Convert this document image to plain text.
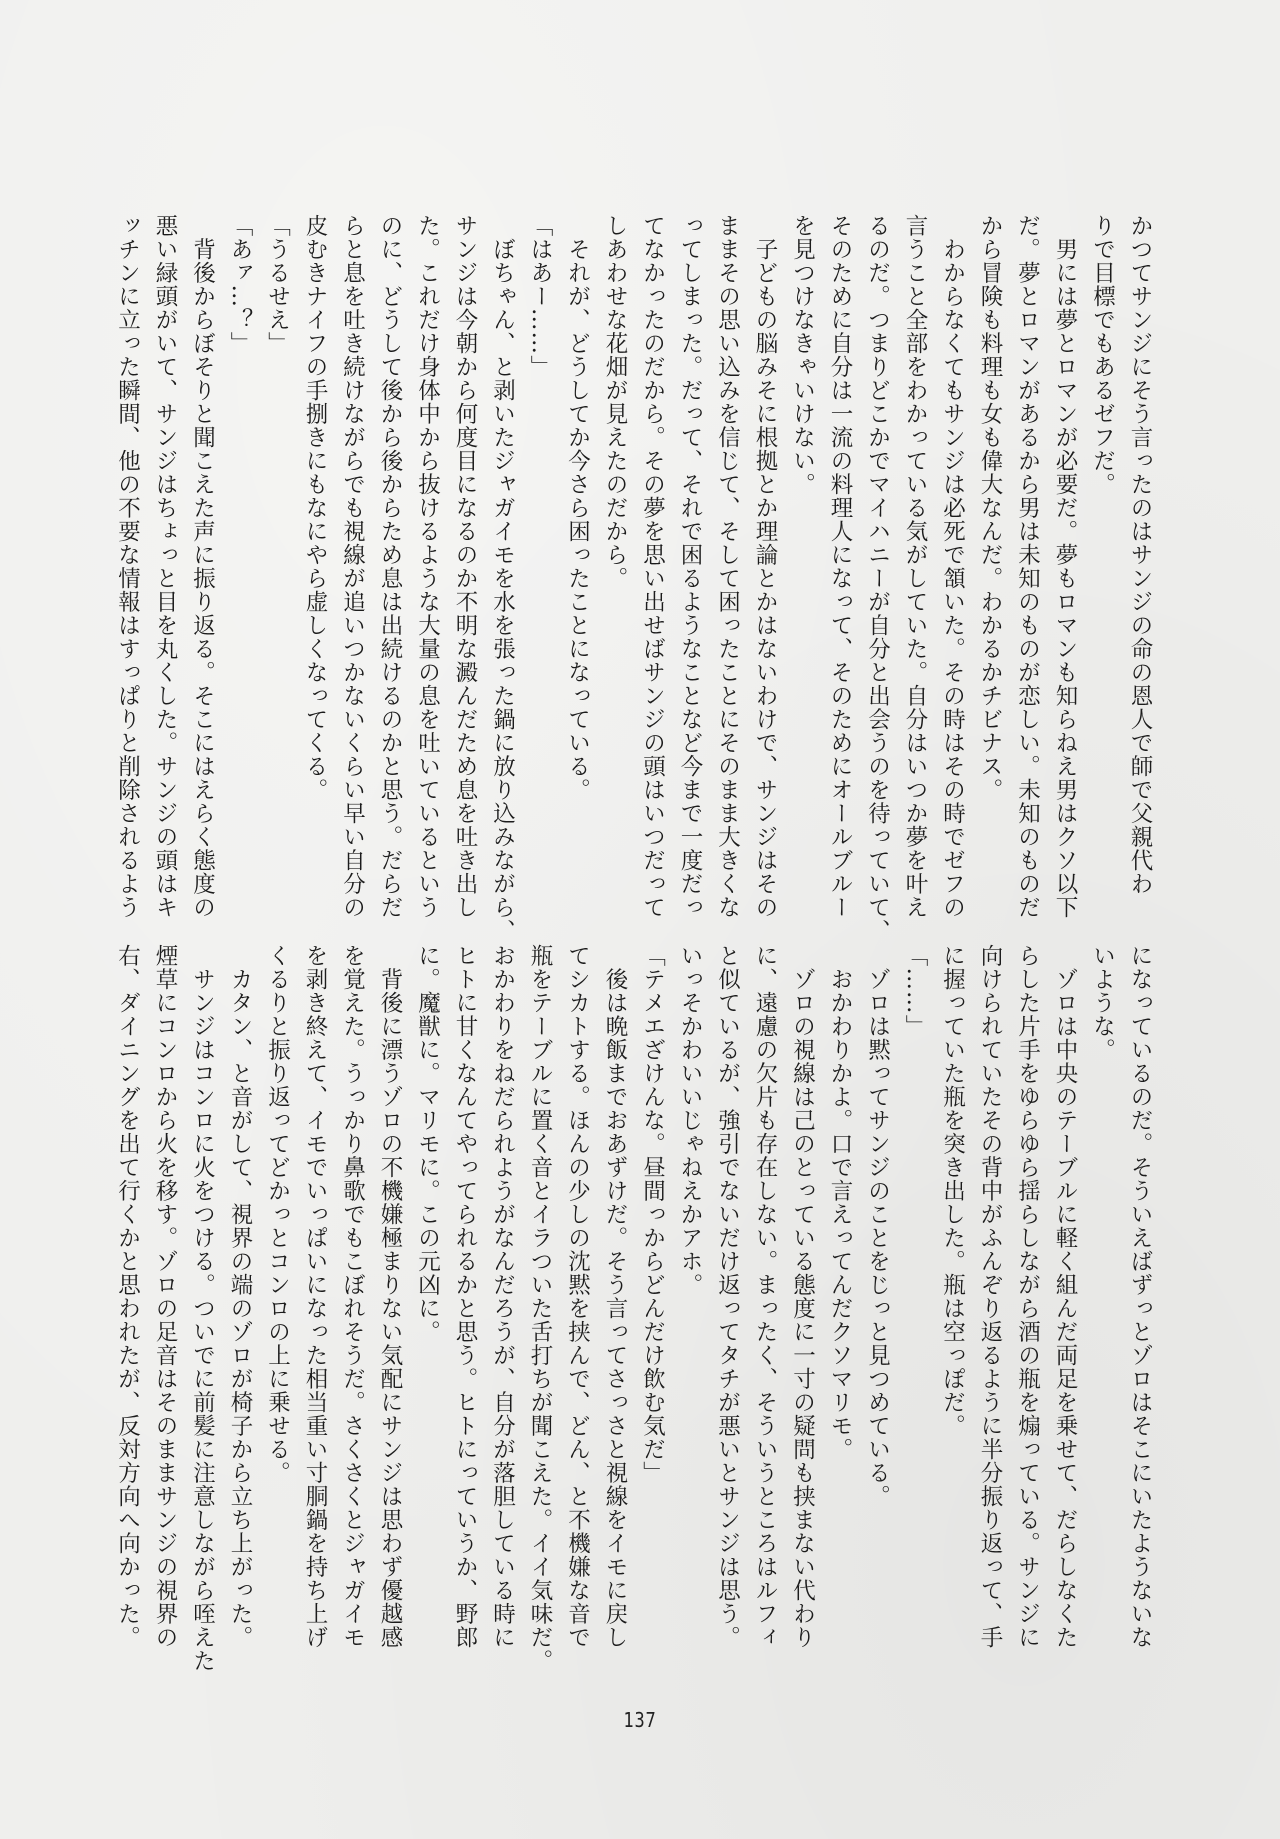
かつてサンジにそう言ったのはサンジの命の恩人で師で父親代わ
りで目標でもあるゼフだ。
　男には夢とロマンが必要だ。夢もロマンも知らねえ男はクソ以下
だ。夢とロマンがあるから男は未知のものが恋しい。未知のものだ
から冒険も料理も女も偉大なんだ。わかるかチビナス。
　わからなくてもサンジは必死で頷いた。その時はその時でゼフの
言うこと全部をわかっている気がしていた。自分はいつか夢を叶え
るのだ。つまりどこかでマイハニーが自分と出会うのを待っていて、
そのために自分は一流の料理人になって、そのためにオールブルー
を見つけなきゃいけない。
　子どもの脳みそに根拠とか理論とかはないわけで、サンジはその
ままその思い込みを信じて、そして困ったことにそのまま大きくな
ってしまった。だって、それで困るようなことなど今まで一度だっ
てなかったのだから。その夢を思い出せばサンジの頭はいつだって
しあわせな花畑が見えたのだから。
　それが、どうしてか今さら困ったことになっている。
「はあー……」
　ぼちゃん、と剥いたジャガイモを水を張った鍋に放り込みながら、
サンジは今朝から何度目になるのか不明な澱んだため息を吐き出し
た。これだけ身体中から抜けるような大量の息を吐いているという
のに、どうして後から後からため息は出続けるのかと思う。だらだ
らと息を吐き続けながらでも視線が追いつかないくらい早い自分の
皮むきナイフの手捌きにもなにやら虚しくなってくる。
「うるせえ」
「あァ…？」
　背後からぼそりと聞こえた声に振り返る。そこにはえらく態度の
悪い緑頭がいて、サンジはちょっと目を丸くした。サンジの頭はキ
ッチンに立った瞬間、他の不要な情報はすっぱりと削除されるよう
になっているのだ。そういえばずっとゾロはそこにいたようないな
いような。
　ゾロは中央のテーブルに軽く組んだ両足を乗せて、だらしなくた
らした片手をゆらゆら揺らしながら酒の瓶を煽っている。サンジに
向けられていたその背中がふんぞり返るように半分振り返って、手
に握っていた瓶を突き出した。瓶は空っぽだ。
「……」
　ゾロは黙ってサンジのことをじっと見つめている。
　おかわりかよ。口で言えってんだクソマリモ。
　ゾロの視線は己のとっている態度に一寸の疑問も挟まない代わり
に、遠慮の欠片も存在しない。まったく、そういうところはルフィ
と似ているが、強引でないだけ返ってタチが悪いとサンジは思う。
いっそかわいいじゃねえかアホ。
「テメエざけんな。昼間っからどんだけ飲む気だ」
　後は晩飯までおあずけだ。そう言ってさっさと視線をイモに戻し
てシカトする。ほんの少しの沈黙を挟んで、どん、と不機嫌な音で
瓶をテーブルに置く音とイラついた舌打ちが聞こえた。イイ気味だ。
おかわりをねだられようがなんだろうが、自分が落胆している時に
ヒトに甘くなんてやってられるかと思う。ヒトにっていうか、野郎
に。魔獣に。マリモに。この元凶に。
　背後に漂うゾロの不機嫌極まりない気配にサンジは思わず優越感
を覚えた。うっかり鼻歌でもこぼれそうだ。さくさくとジャガイモ
を剥き終えて、イモでいっぱいになった相当重い寸胴鍋を持ち上げ
くるりと振り返ってどかっとコンロの上に乗せる。
　カタン、と音がして、視界の端のゾロが椅子から立ち上がった。
　サンジはコンロに火をつける。ついでに前髪に注意しながら咥えた
煙草にコンロから火を移す。ゾロの足音はそのままサンジの視界の
右、ダイニングを出て行くかと思われたが、反対方向へ向かった。
137
